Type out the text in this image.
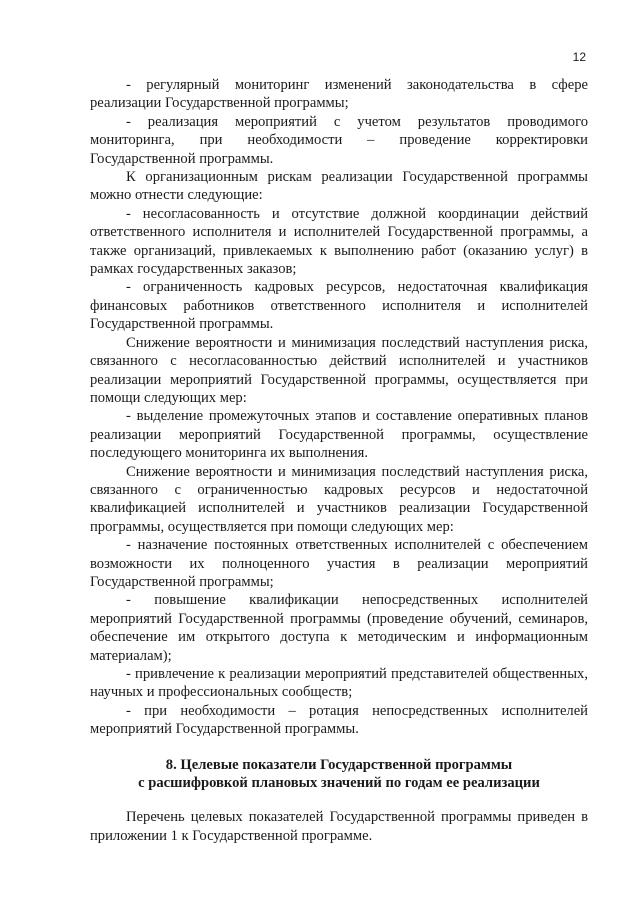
12

- регулярный мониторинг изменений законодательства в сфере реализации Государственной программы;

- реализация мероприятий с учетом результатов проводимого мониторинга, при необходимости – проведение корректировки Государственной программы.

К организационным рискам реализации Государственной программы можно отнести следующие:

- несогласованность и отсутствие должной координации действий ответственного исполнителя и исполнителей Государственной программы, а также организаций, привлекаемых к выполнению работ (оказанию услуг) в рамках государственных заказов;

- ограниченность кадровых ресурсов, недостаточная квалификация финансовых работников ответственного исполнителя и исполнителей Государственной программы.

Снижение вероятности и минимизация последствий наступления риска, связанного с несогласованностью действий исполнителей и участников реализации мероприятий Государственной программы, осуществляется при помощи следующих мер:

- выделение промежуточных этапов и составление оперативных планов реализации мероприятий Государственной программы, осуществление последующего мониторинга их выполнения.

Снижение вероятности и минимизация последствий наступления риска, связанного с ограниченностью кадровых ресурсов и недостаточной квалификацией исполнителей и участников реализации Государственной программы, осуществляется при помощи следующих мер:

- назначение постоянных ответственных исполнителей с обеспечением возможности их полноценного участия в реализации мероприятий Государственной программы;

- повышение квалификации непосредственных исполнителей мероприятий Государственной программы (проведение обучений, семинаров, обеспечение им открытого доступа к методическим и информационным материалам);

- привлечение к реализации мероприятий представителей общественных, научных и профессиональных сообществ;

- при необходимости – ротация непосредственных исполнителей мероприятий Государственной программы.

8. Целевые показатели Государственной программы
с расшифровкой плановых значений по годам ее реализации

Перечень целевых показателей Государственной программы приведен в приложении 1 к Государственной программе.
